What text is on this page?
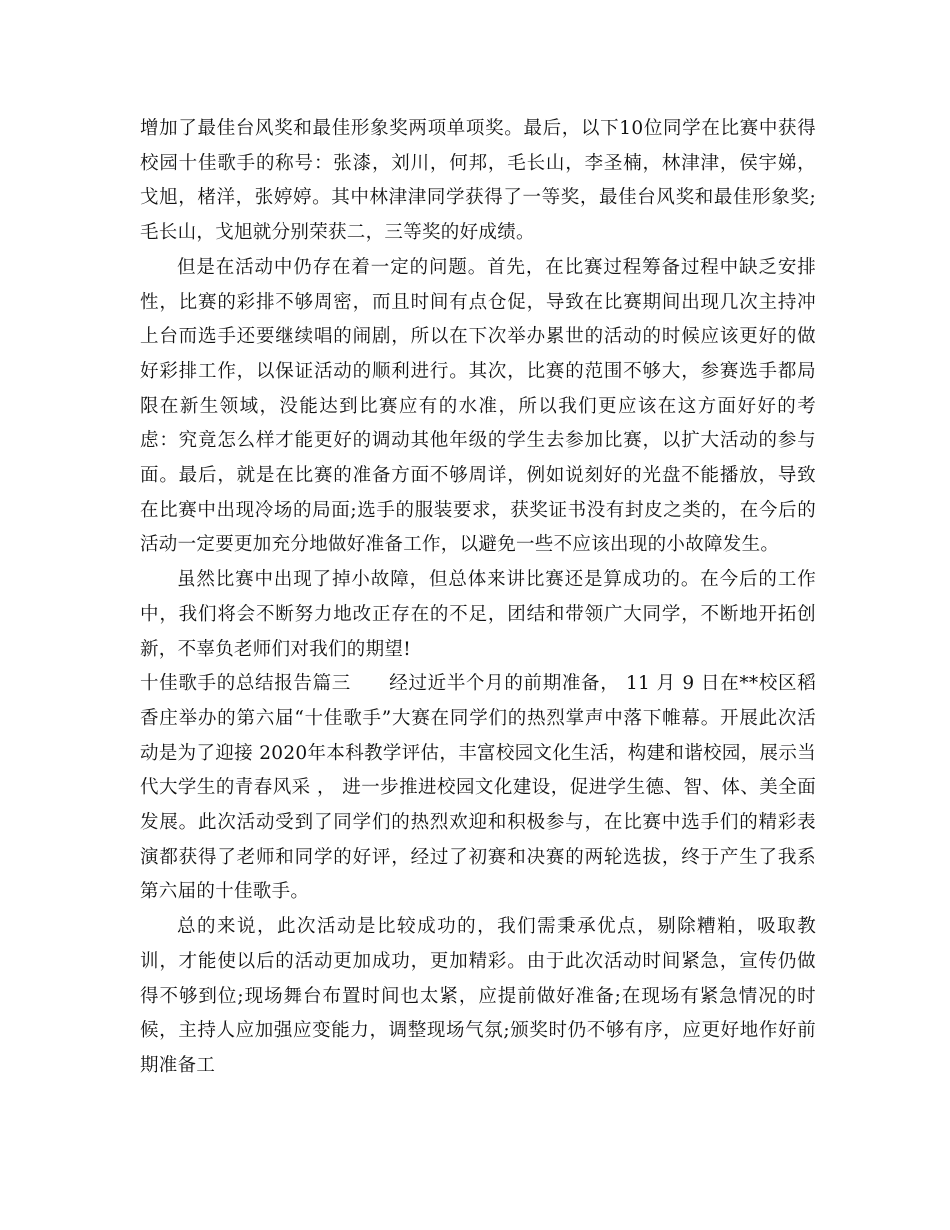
增加了最佳台风奖和最佳形象奖两项单项奖。最后，以下10位同学在比赛中获得校园十佳歌手的称号：张漆，刘川，何邦，毛长山，李圣楠，林津津，侯宇娣，戈旭，楮洋，张婷婷。其中林津津同学获得了一等奖，最佳台风奖和最佳形象奖;毛长山，戈旭就分别荣获二，三等奖的好成绩。

但是在活动中仍存在着一定的问题。首先，在比赛过程筹备过程中缺乏安排性，比赛的彩排不够周密，而且时间有点仓促，导致在比赛期间出现几次主持冲上台而选手还要继续唱的闹剧，所以在下次举办累世的活动的时候应该更好的做好彩排工作，以保证活动的顺利进行。其次，比赛的范围不够大，参赛选手都局限在新生领域，没能达到比赛应有的水准，所以我们更应该在这方面好好的考虑：究竟怎么样才能更好的调动其他年级的学生去参加比赛，以扩大活动的参与面。最后，就是在比赛的准备方面不够周详，例如说刻好的光盘不能播放，导致在比赛中出现冷场的局面;选手的服装要求，获奖证书没有封皮之类的，在今后的活动一定要更加充分地做好准备工作，以避免一些不应该出现的小故障发生。

虽然比赛中出现了掉小故障，但总体来讲比赛还是算成功的。在今后的工作中，我们将会不断努力地改正存在的不足，团结和带领广大同学，不断地开拓创新，不辜负老师们对我们的期望!

十佳歌手的总结报告篇三　　经过近半个月的前期准备， 11 月 9 日在**校区稻香庄举办的第六届“十佳歌手”大赛在同学们的热烈掌声中落下帷幕。开展此次活动是为了迎接 2020年本科教学评估，丰富校园文化生活，构建和谐校园，展示当代大学生的青春风采 ， 进一步推进校园文化建设，促进学生德、智、体、美全面发展。此次活动受到了同学们的热烈欢迎和积极参与，在比赛中选手们的精彩表演都获得了老师和同学的好评，经过了初赛和决赛的两轮选拔，终于产生了我系第六届的十佳歌手。

总的来说，此次活动是比较成功的，我们需秉承优点，剔除糟粕，吸取教训，才能使以后的活动更加成功，更加精彩。由于此次活动时间紧急，宣传仍做得不够到位;现场舞台布置时间也太紧，应提前做好准备;在现场有紧急情况的时候，主持人应加强应变能力，调整现场气氛;颁奖时仍不够有序，应更好地作好前期准备工
